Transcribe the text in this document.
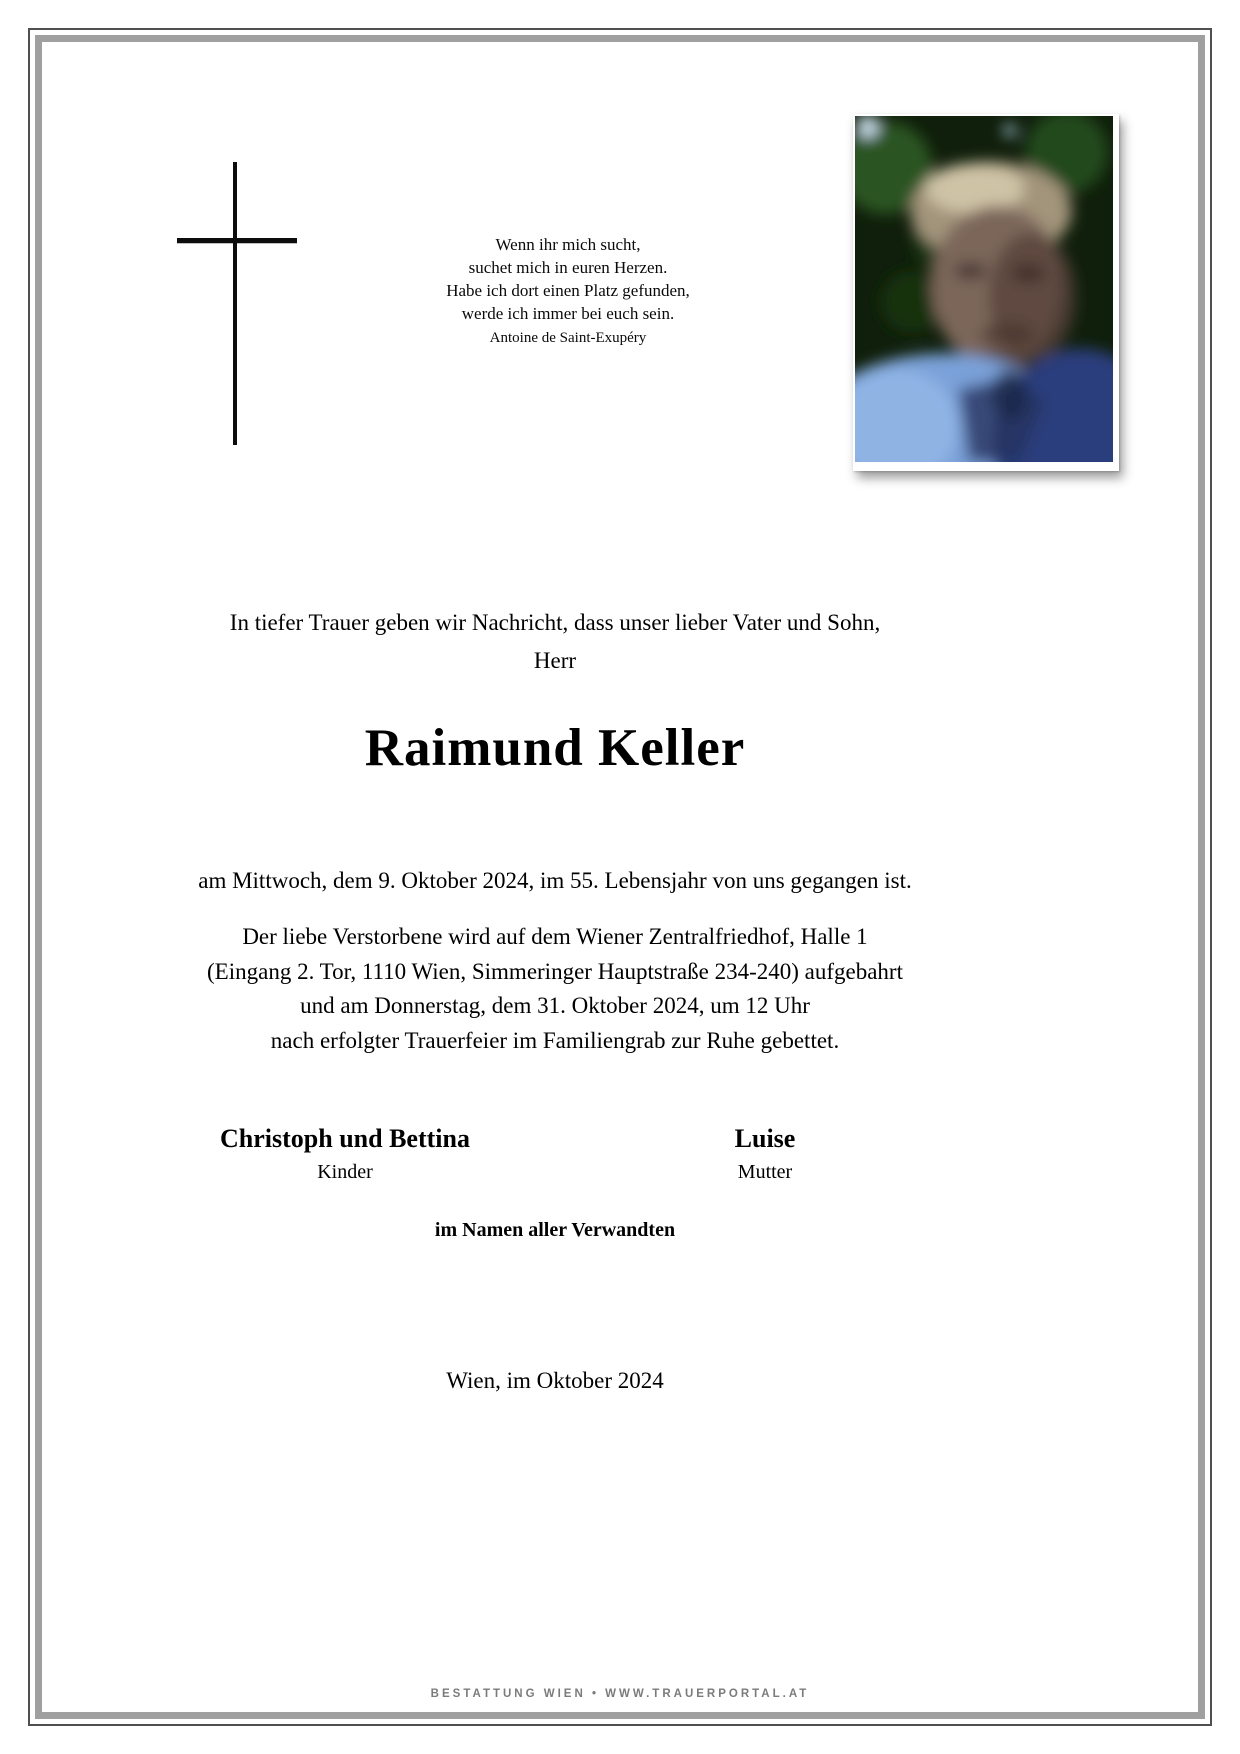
Wenn ihr mich sucht,
suchet mich in euren Herzen.
Habe ich dort einen Platz gefunden,
werde ich immer bei euch sein.
Antoine de Saint-Exupéry
In tiefer Trauer geben wir Nachricht, dass unser lieber Vater und Sohn,
Herr
Raimund Keller
am Mittwoch, dem 9. Oktober 2024, im 55. Lebensjahr von uns gegangen ist.
Der liebe Verstorbene wird auf dem Wiener Zentralfriedhof, Halle 1
(Eingang 2. Tor, 1110 Wien, Simmeringer Hauptstraße 234-240) aufgebahrt
und am Donnerstag, dem 31. Oktober 2024, um 12 Uhr
nach erfolgter Trauerfeier im Familiengrab zur Ruhe gebettet.
Christoph und Bettina
Kinder
Luise
Mutter
im Namen aller Verwandten
Wien, im Oktober 2024
BESTATTUNG WIEN • WWW.TRAUERPORTAL.AT
